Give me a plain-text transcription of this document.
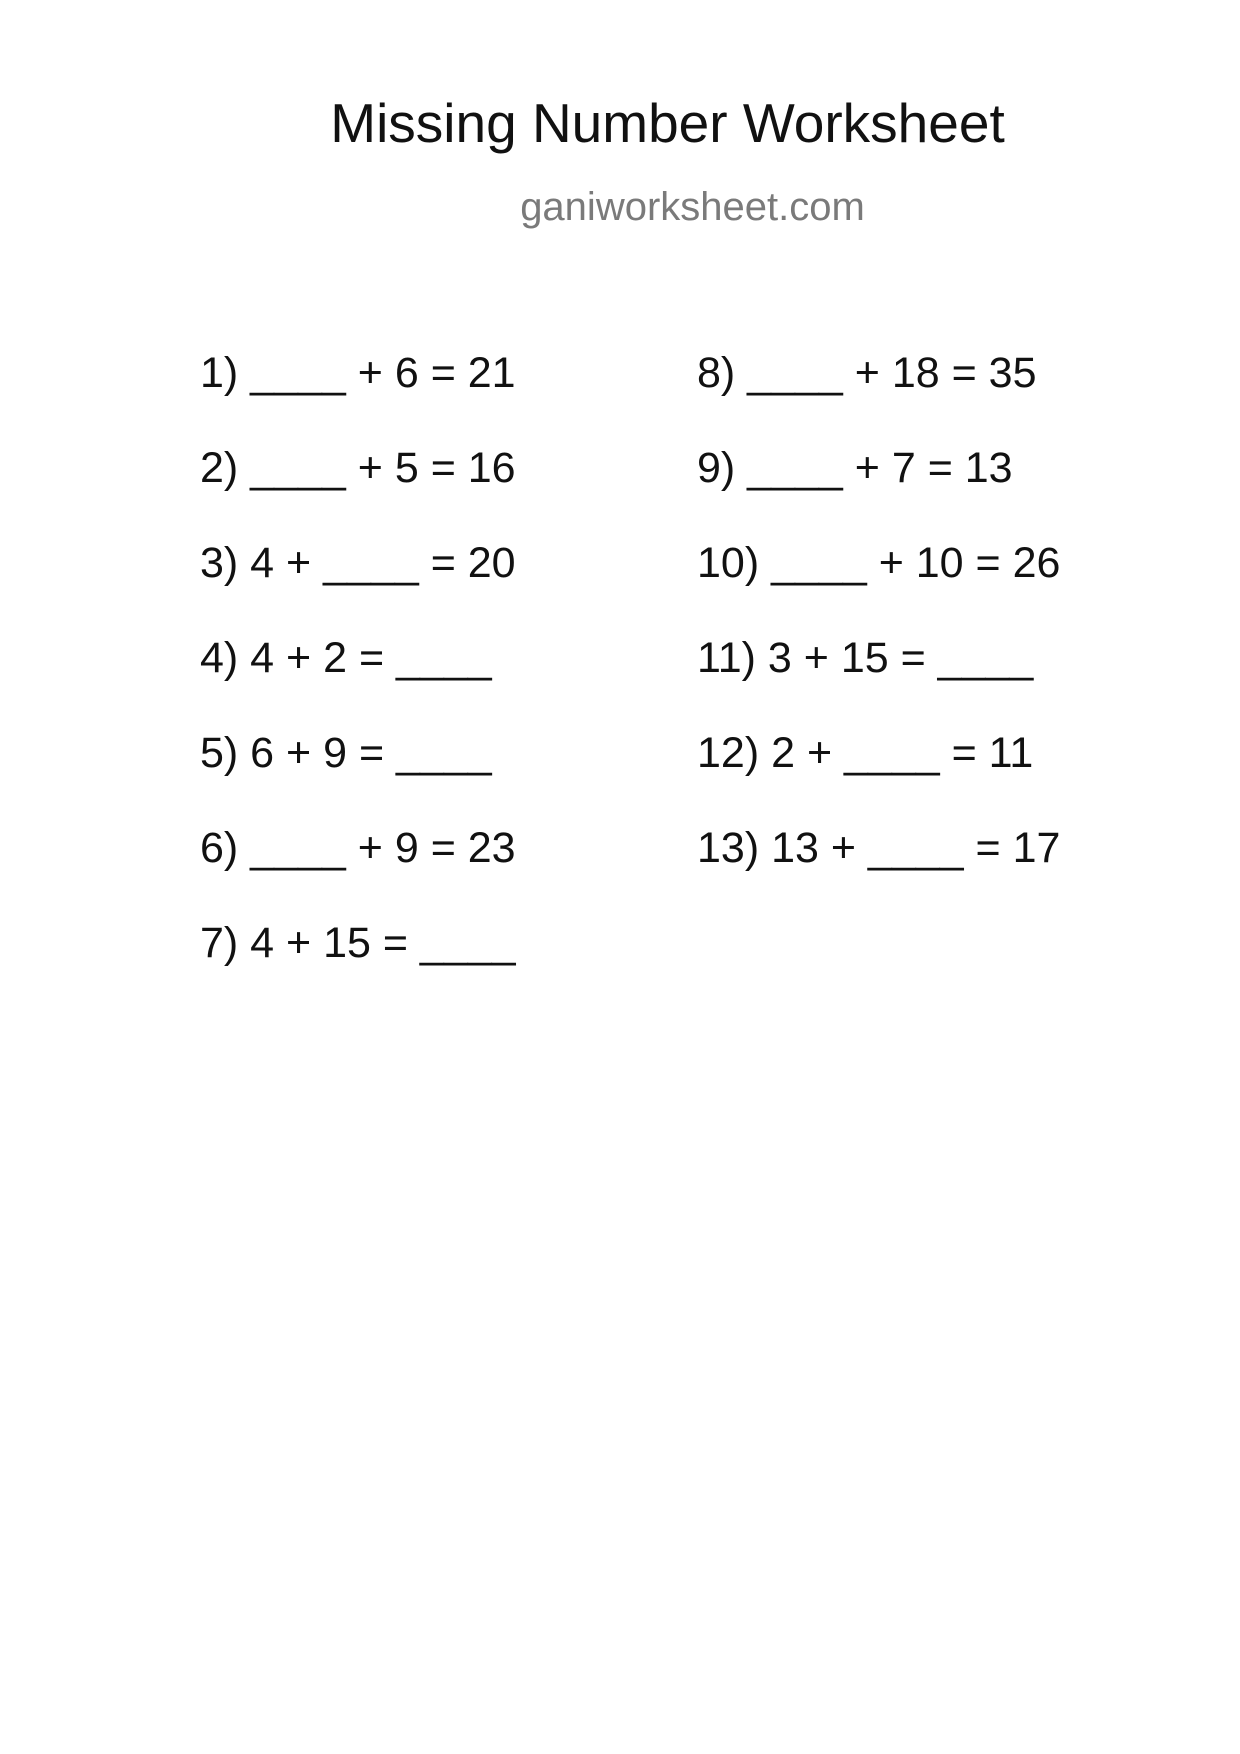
Missing Number Worksheet
ganiworksheet.com
1) ____ + 6 = 21
2) ____ + 5 = 16
3) 4 + ____ = 20
4) 4 + 2 = ____
5) 6 + 9 = ____
6) ____ + 9 = 23
7) 4 + 15 = ____
8) ____ + 18 = 35
9) ____ + 7 = 13
10) ____ + 10 = 26
11) 3 + 15 = ____
12) 2 + ____ = 11
13) 13 + ____ = 17
